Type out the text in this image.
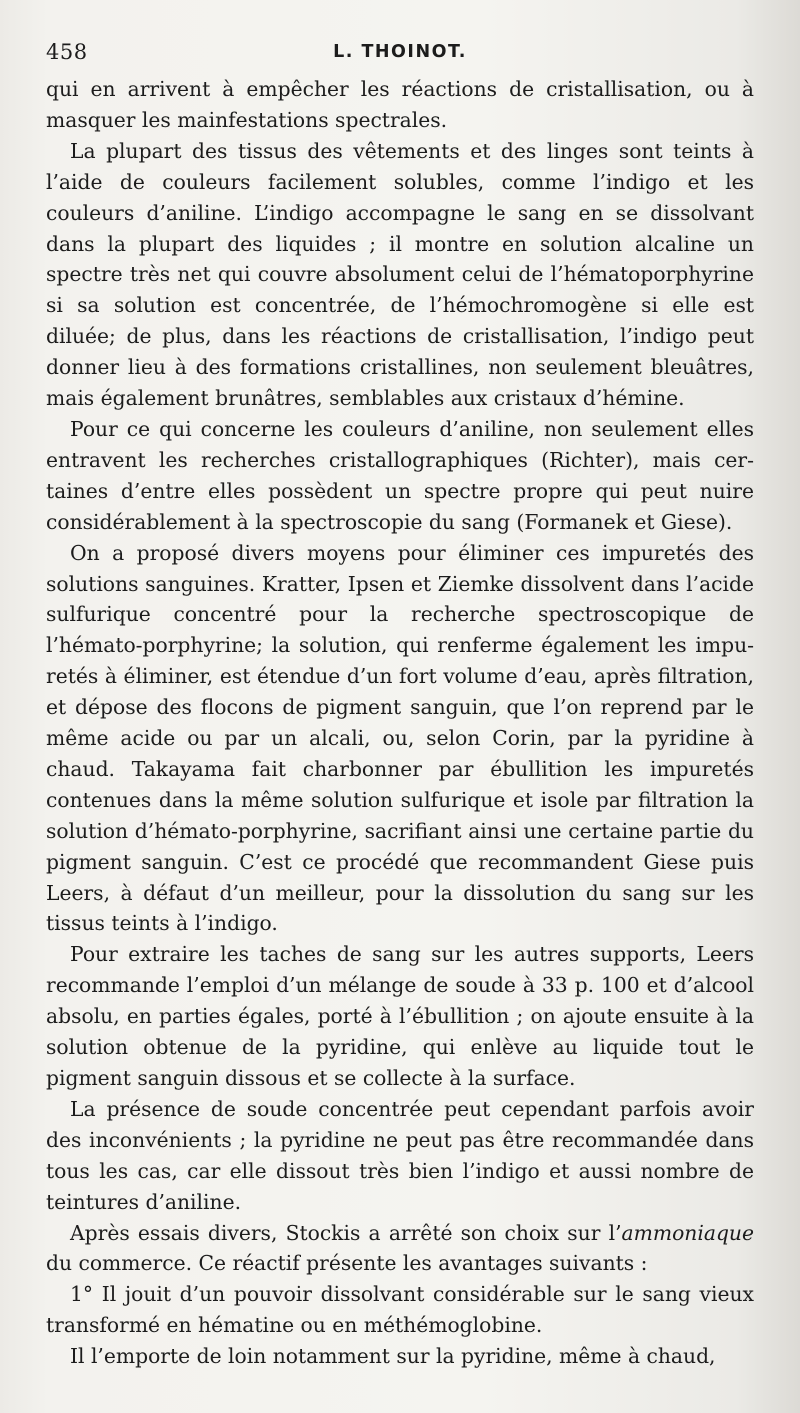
458	L. THOINOT.

qui en arrivent à empêcher les réactions de cristallisation, ou à masquer les mainfestations spectrales.

La plupart des tissus des vêtements et des linges sont teints à l’aide de couleurs facilement solubles, comme l’indigo et les couleurs d’aniline. L’indigo accompagne le sang en se dissolvant dans la plupart des liquides ; il montre en solution alcaline un spectre très net qui couvre absolument celui de l’hématoporphyrine si sa solution est concentrée, de l’hémochromogène si elle est diluée; de plus, dans les réactions de cristallisation, l’indigo peut donner lieu à des formations cristallines, non seulement bleuâtres, mais également brunâtres, semblables aux cristaux d’hémine.

Pour ce qui concerne les couleurs d’aniline, non seulement elles entravent les recherches cristallographiques (Richter), mais certaines d’entre elles possèdent un spectre propre qui peut nuire considérablement à la spectroscopie du sang (Formanek et Giese).

On a proposé divers moyens pour éliminer ces impuretés des solutions sanguines. Kratter, Ipsen et Ziemke dissolvent dans l’acide sulfurique concentré pour la recherche spectroscopique de l’hémato-porphyrine; la solution, qui renferme également les impuretés à éliminer, est étendue d’un fort volume d’eau, après filtration, et dépose des flocons de pigment sanguin, que l’on reprend par le même acide ou par un alcali, ou, selon Corin, par la pyridine à chaud. Takayama fait charbonner par ébullition les impuretés contenues dans la même solution sulfurique et isole par filtration la solution d’hémato-porphyrine, sacrifiant ainsi une certaine partie du pigment sanguin. C’est ce procédé que recommandent Giese puis Leers, à défaut d’un meilleur, pour la dissolution du sang sur les tissus teints à l’indigo.

Pour extraire les taches de sang sur les autres supports, Leers recommande l’emploi d’un mélange de soude à 33 p. 100 et d’alcool absolu, en parties égales, porté à l’ébullition ; on ajoute ensuite à la solution obtenue de la pyridine, qui enlève au liquide tout le pigment sanguin dissous et se collecte à la surface.

La présence de soude concentrée peut cependant parfois avoir des inconvénients ; la pyridine ne peut pas être recommandée dans tous les cas, car elle dissout très bien l’indigo et aussi nombre de teintures d’aniline.

Après essais divers, Stockis a arrêté son choix sur l’ammoniaque du commerce. Ce réactif présente les avantages suivants :

1° Il jouit d’un pouvoir dissolvant considérable sur le sang vieux transformé en hématine ou en méthémoglobine.

Il l’emporte de loin notamment sur la pyridine, même à chaud,
